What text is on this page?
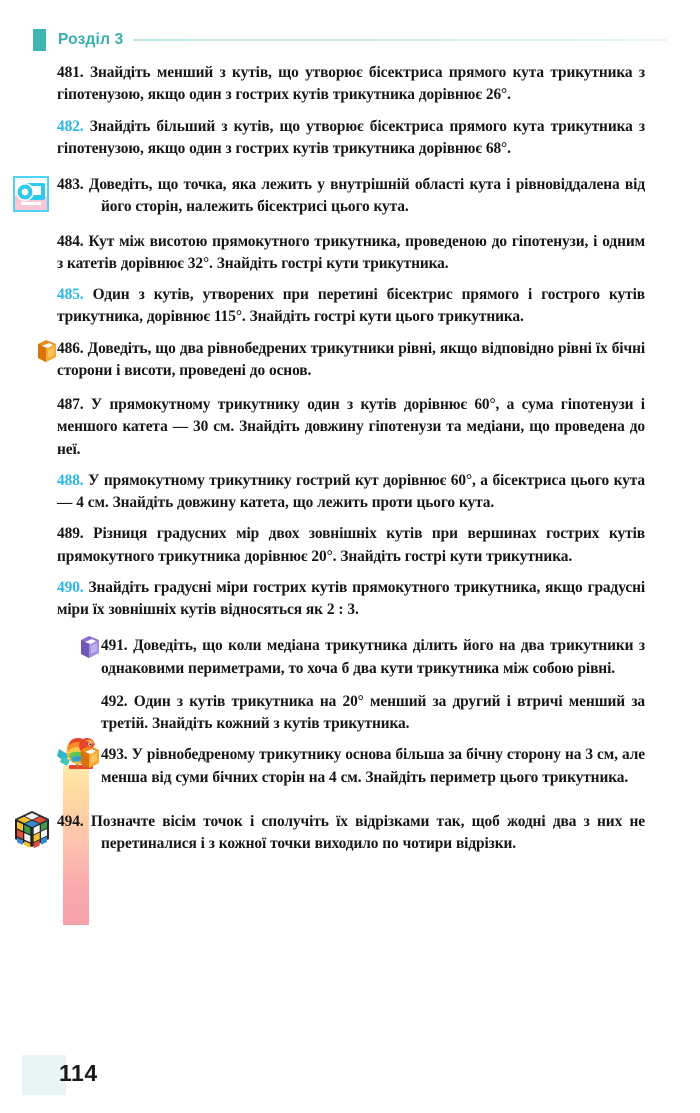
Розділ 3

481. Знайдіть менший з кутів, що утворює бісектриса прямого кута трикутника з гіпотенузою, якщо один з гострих кутів трикутника дорівнює 26°.

482. Знайдіть більший з кутів, що утворює бісектриса прямого кута трикутника з гіпотенузою, якщо один з гострих кутів трикутника дорівнює 68°.

483. Доведіть, що точка, яка лежить у внутрішній області кута і рівновіддалена від його сторін, належить бісектрисі цього кута.

484. Кут між висотою прямокутного трикутника, проведеною до гіпотенузи, і одним з катетів дорівнює 32°. Знайдіть гострі кути трикутника.

485. Один з кутів, утворених при перетині бісектрис прямого і гострого кутів трикутника, дорівнює 115°. Знайдіть гострі кути цього трикутника.

486. Доведіть, що два рівнобедрених трикутники рівні, якщо відповідно рівні їх бічні сторони і висоти, проведені до основ.

487. У прямокутному трикутнику один з кутів дорівнює 60°, а сума гіпотенузи і меншого катета — 30 см. Знайдіть довжину гіпотенузи та медіани, що проведена до неї.

488. У прямокутному трикутнику гострий кут дорівнює 60°, а бісектриса цього кута — 4 см. Знайдіть довжину катета, що лежить проти цього кута.

489. Різниця градусних мір двох зовнішніх кутів при вершинах гострих кутів прямокутного трикутника дорівнює 20°. Знайдіть гострі кути трикутника.

490. Знайдіть градусні міри гострих кутів прямокутного трикутника, якщо градусні міри їх зовнішніх кутів відносяться як 2 : 3.

491. Доведіть, що коли медіана трикутника ділить його на два трикутники з однаковими периметрами, то хоча б два кути трикутника між собою рівні.

492. Один з кутів трикутника на 20° менший за другий і втричі менший за третій. Знайдіть кожний з кутів трикутника.

493. У рівнобедреному трикутнику основа більша за бічну сторону на 3 см, але менша від суми бічних сторін на 4 см. Знайдіть периметр цього трикутника.

494. Позначте вісім точок і сполучіть їх відрізками так, щоб жодні два з них не перетиналися і з кожної точки виходило по чотири відрізки.

114
